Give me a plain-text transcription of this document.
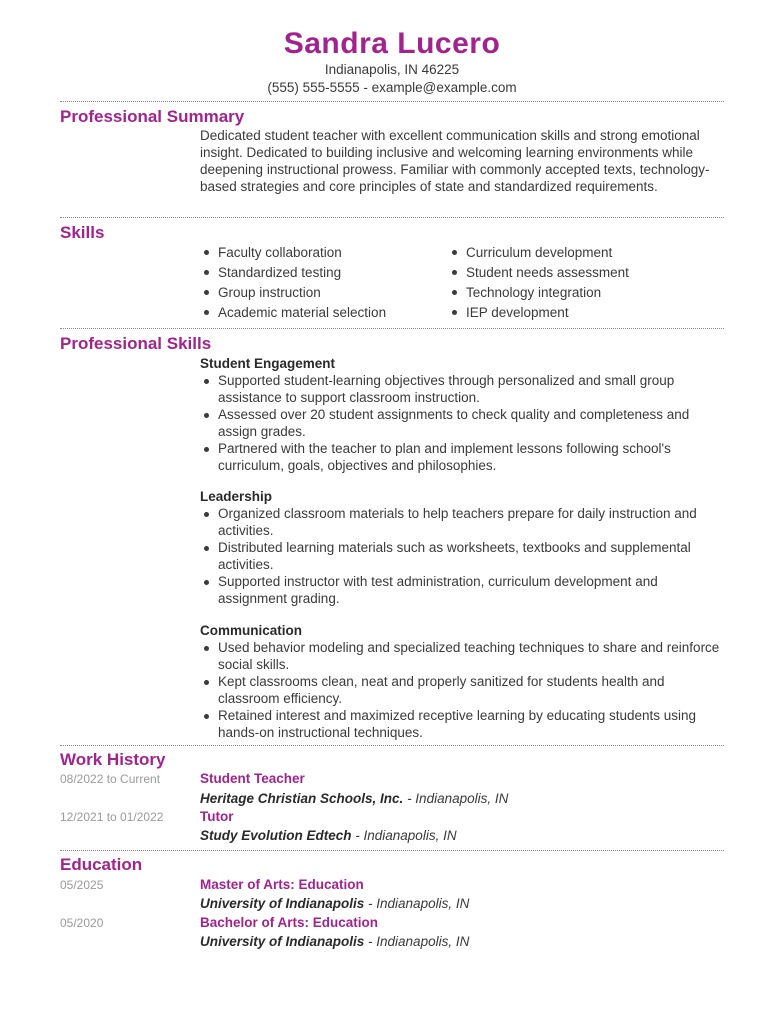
Sandra Lucero
Indianapolis, IN 46225
(555) 555-5555 - example@example.com
Professional Summary
Dedicated student teacher with excellent communication skills and strong emotional insight. Dedicated to building inclusive and welcoming learning environments while deepening instructional prowess. Familiar with commonly accepted texts, technology-based strategies and core principles of state and standardized requirements.
Skills
Faculty collaboration
Standardized testing
Group instruction
Academic material selection
Curriculum development
Student needs assessment
Technology integration
IEP development
Professional Skills
Student Engagement
Supported student-learning objectives through personalized and small group assistance to support classroom instruction.
Assessed over 20 student assignments to check quality and completeness and assign grades.
Partnered with the teacher to plan and implement lessons following school's curriculum, goals, objectives and philosophies.
Leadership
Organized classroom materials to help teachers prepare for daily instruction and activities.
Distributed learning materials such as worksheets, textbooks and supplemental activities.
Supported instructor with test administration, curriculum development and assignment grading.
Communication
Used behavior modeling and specialized teaching techniques to share and reinforce social skills.
Kept classrooms clean, neat and properly sanitized for students health and classroom efficiency.
Retained interest and maximized receptive learning by educating students using hands-on instructional techniques.
Work History
08/2022 to Current	Student Teacher
Heritage Christian Schools, Inc. - Indianapolis, IN
12/2021 to 01/2022	Tutor
Study Evolution Edtech - Indianapolis, IN
Education
05/2025	Master of Arts: Education
University of Indianapolis - Indianapolis, IN
05/2020	Bachelor of Arts: Education
University of Indianapolis - Indianapolis, IN
